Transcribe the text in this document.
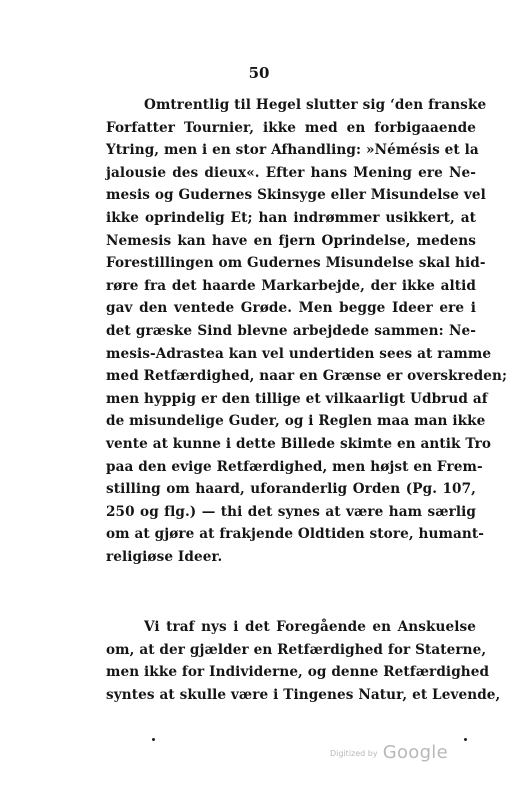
50
Omtrentlig til Hegel slutter sig ‘den franske
Forfatter Tournier, ikke med en forbigaaende
Ytring, men i en stor Afhandling: »Némésis et la
jalousie des dieux«. Efter hans Mening ere Ne-
mesis og Gudernes Skinsyge eller Misundelse vel
ikke oprindelig Et; han indrømmer usikkert, at
Nemesis kan have en fjern Oprindelse, medens
Forestillingen om Gudernes Misundelse skal hid-
røre fra det haarde Markarbejde, der ikke altid
gav den ventede Grøde. Men begge Ideer ere i
det græske Sind blevne arbejdede sammen: Ne-
mesis-Adrastea kan vel undertiden sees at ramme
med Retfærdighed, naar en Grænse er overskreden;
men hyppig er den tillige et vilkaarligt Udbrud af
de misundelige Guder, og i Reglen maa man ikke
vente at kunne i dette Billede skimte en antik Tro
paa den evige Retfærdighed, men højst en Frem-
stilling om haard, uforanderlig Orden (Pg. 107,
250 og flg.) — thi det synes at være ham særlig
om at gjøre at frakjende Oldtiden store, humant-
religiøse Ideer.
Vi traf nys i det Foregående en Anskuelse
om, at der gjælder en Retfærdighed for Staterne,
men ikke for Individerne, og denne Retfærdighed
syntes at skulle være i Tingenes Natur, et Levende,
Digitized by Google
